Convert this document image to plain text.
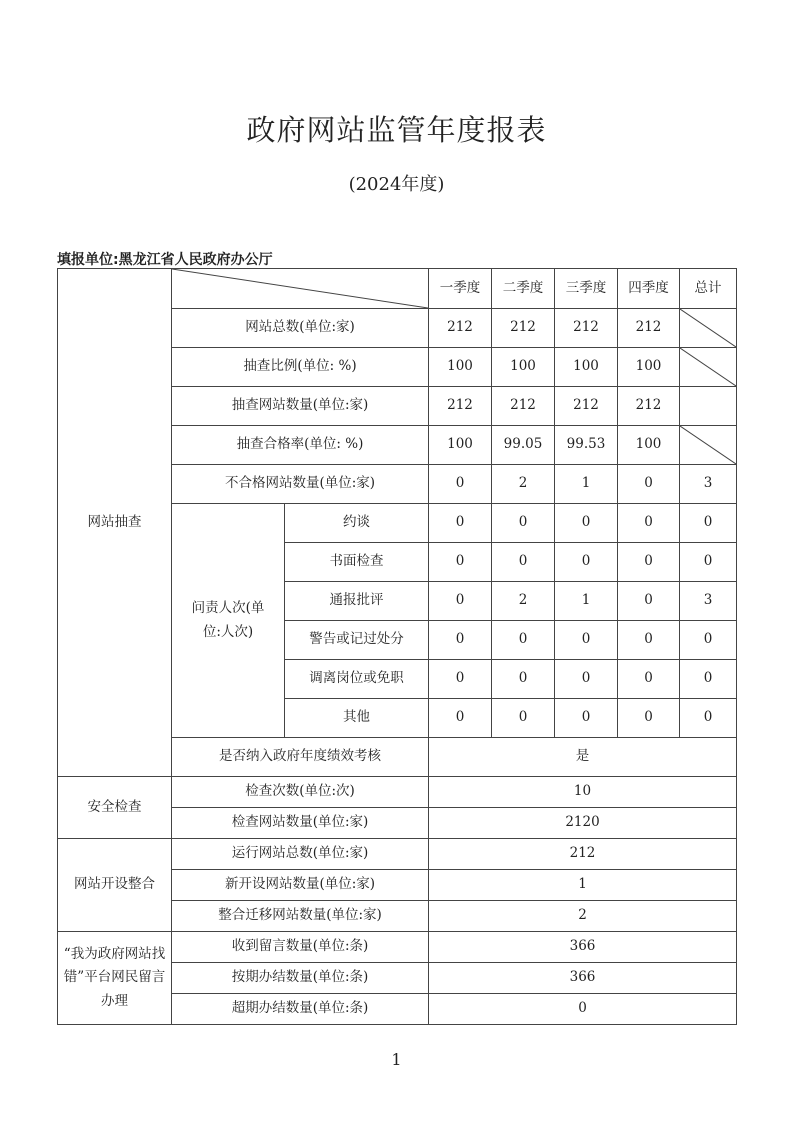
政府网站监管年度报表
(2024年度)
填报单位:黑龙江省人民政府办公厅
网站抽查			一季度	二季度	三季度	四季度	总计
	网站总数(单位:家)		212	212	212	212	

	抽查比例(单位: %)		100	100	100	100	

	抽查网站数量(单位:家)		212	212	212	212	
	抽查合格率(单位: %)		100	99.05	99.53	100	

	不合格网站数量(单位:家)		0	2	1	0	3
	问责人次(单位:人次)	约谈	0	0	0	0	0
		书面检查	0	0	0	0	0
		通报批评	0	2	1	0	3
		警告或记过处分	0	0	0	0	0
		调离岗位或免职	0	0	0	0	0
		其他	0	0	0	0	0
	是否纳入政府年度绩效考核		是				
安全检查	检查次数(单位:次)		10				
	检查网站数量(单位:家)		2120				
网站开设整合	运行网站总数(单位:家)		212				
	新开设网站数量(单位:家)		1				
	整合迁移网站数量(单位:家)		2				
“我为政府网站找错”平台网民留言办理	收到留言数量(单位:条)		366				
	按期办结数量(单位:条)		366				
	超期办结数量(单位:条)		0				
1
